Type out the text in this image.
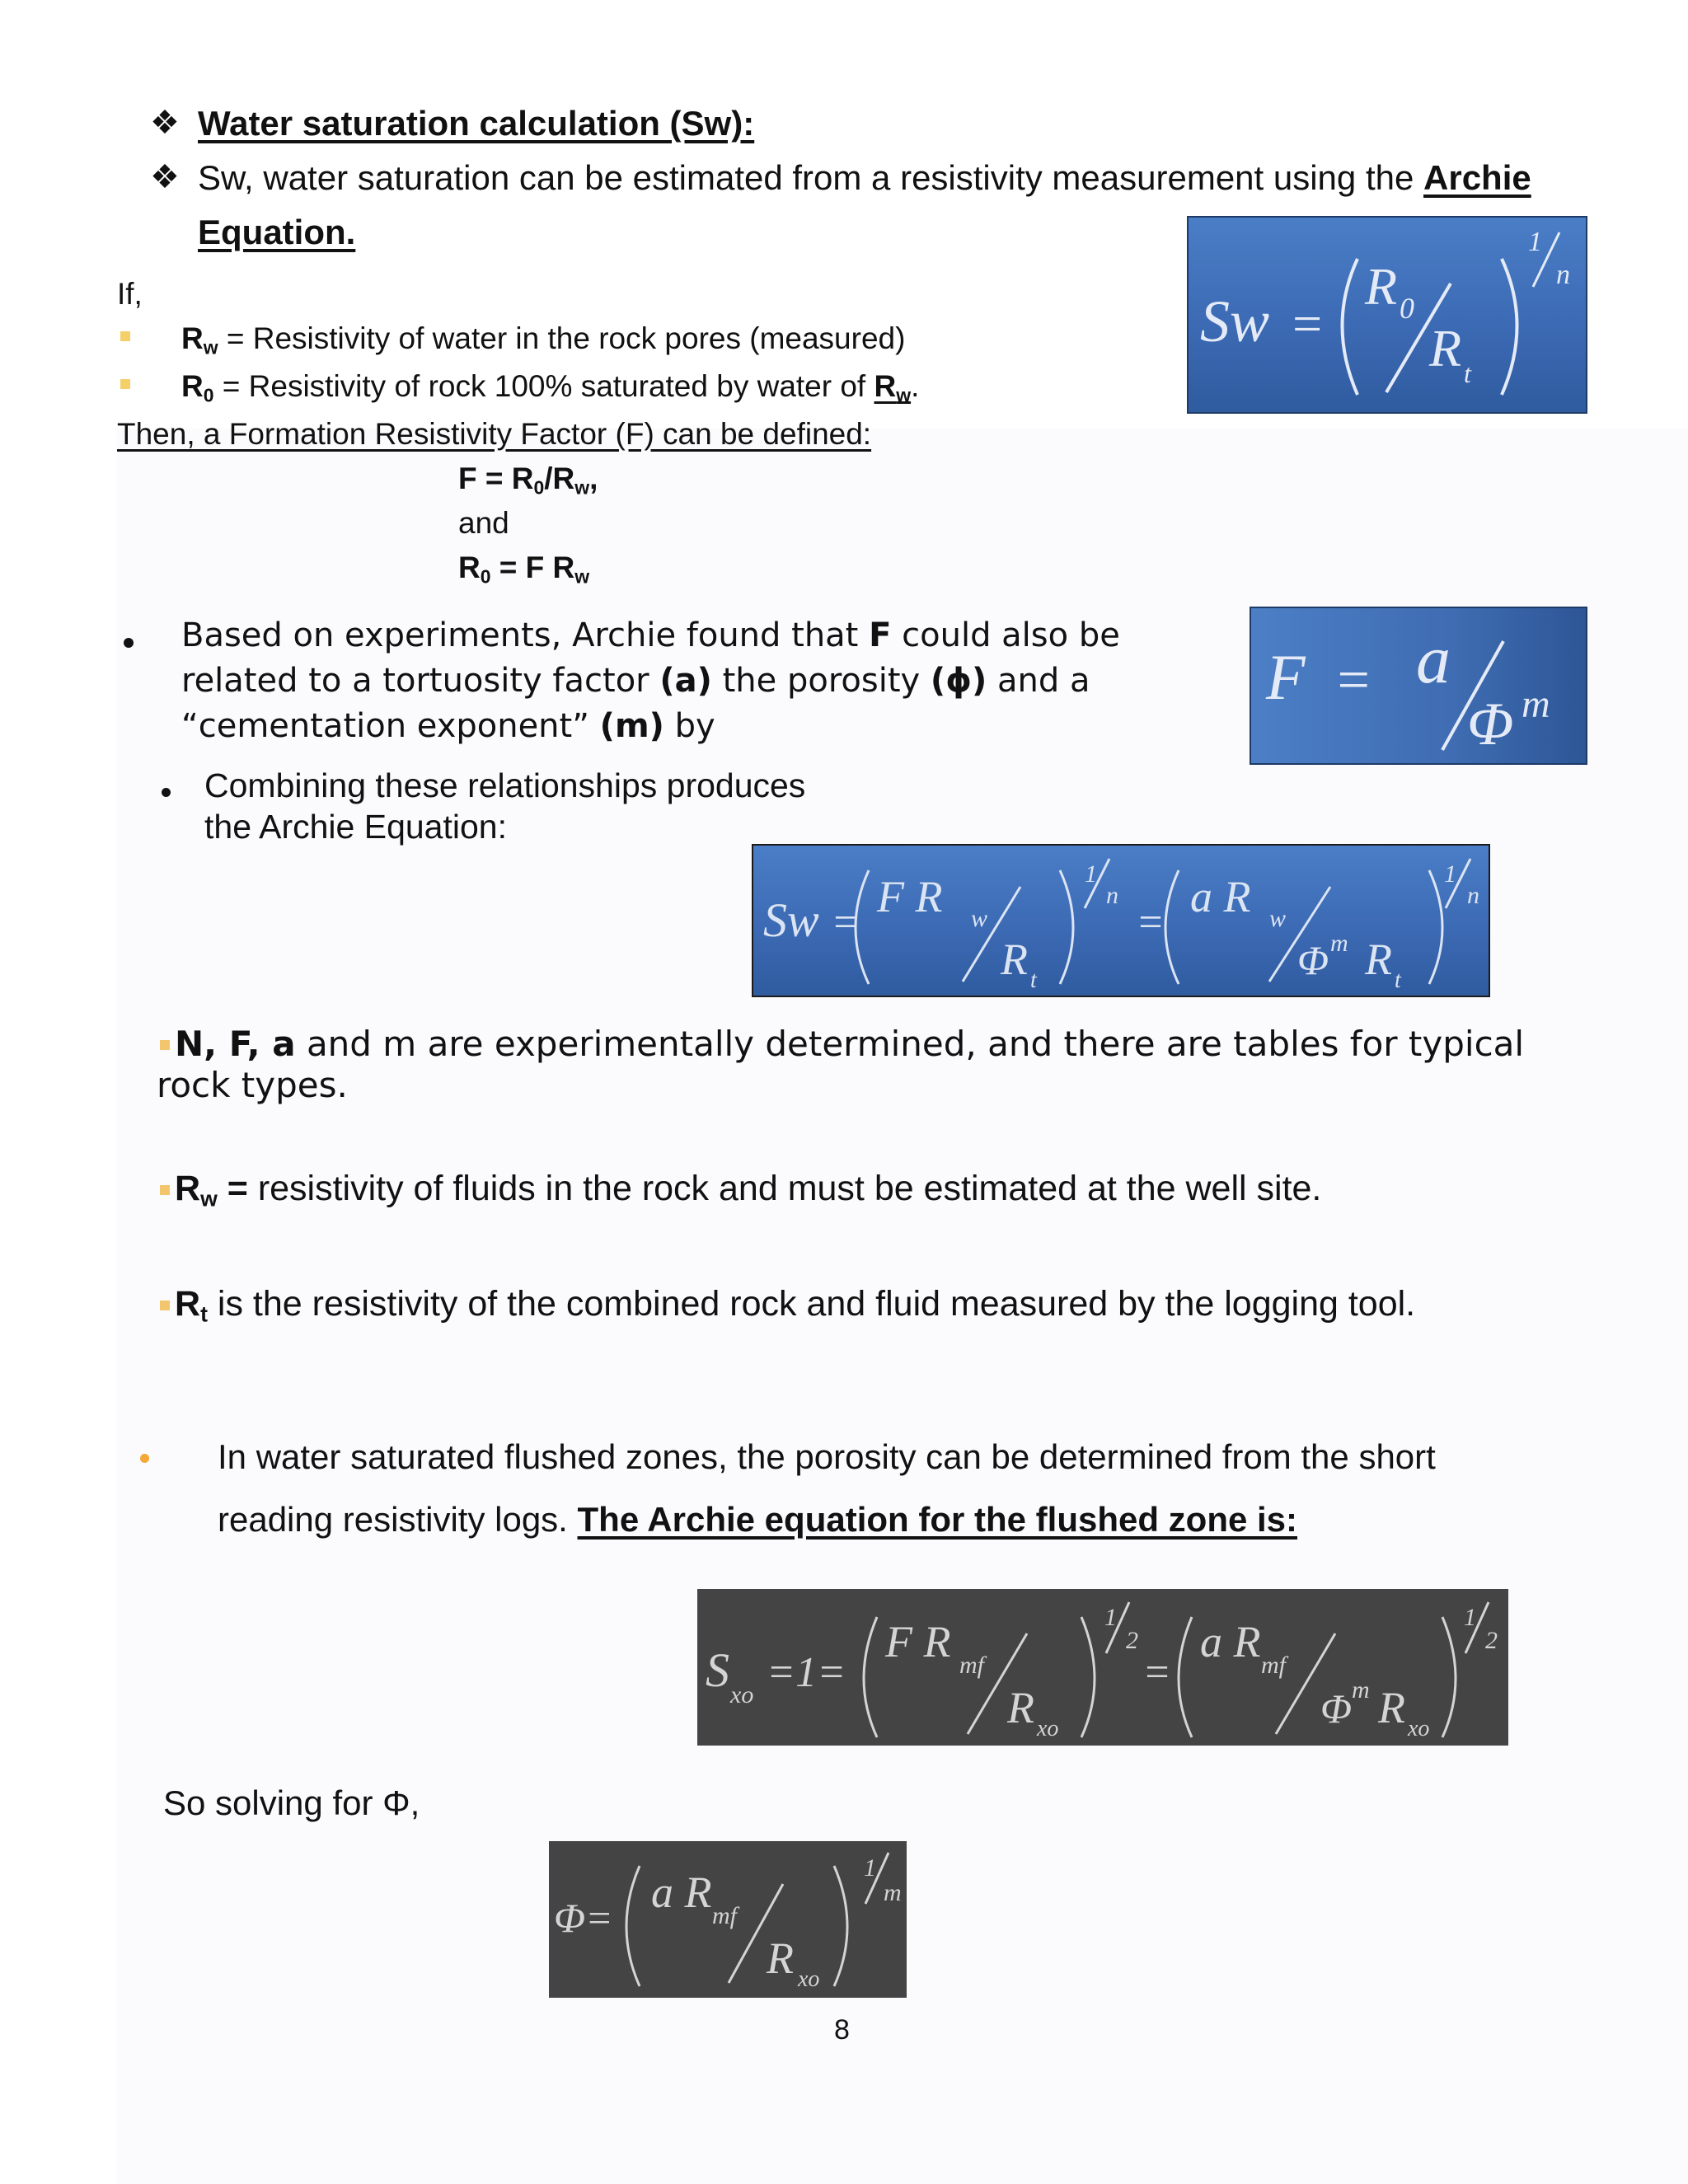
❖ Water saturation calculation (Sw):
❖ Sw, water saturation can be estimated from a resistivity measurement using the Archie
Equation.
If,
$R_w$ = Resistivity of water in the rock pores (measured)
$R_0$ = Resistivity of rock 100% saturated by water of $R_w$.
Then, a Formation Resistivity Factor (F) can be defined:
$F = R_0/R_w$,
and
$R_0 = F$ $R_w$
Sw =
R 0
R t
1
n
Based on experiments, Archie found that F could also be
related to a tortuosity factor (a) the porosity (ɸ) and a
“cementation exponent” (m) by
F = a
Φ m
Combining these relationships produces
the Archie Equation:
Sw =
F R w
R t
1
n
=
a R w
Φ m R t
1
n
N, F, a and m are experimentally determined, and there are tables for typical
rock types.
$R_w$ = resistivity of fluids in the rock and must be estimated at the well site.
$R_t$ is the resistivity of the combined rock and fluid measured by the logging tool.
In water saturated flushed zones, the porosity can be determined from the short
reading resistivity logs. The Archie equation for the flushed zone is:
S xo =1=
F R mf
R xo
1
2
=
a R mf
Φ m R xo
1
2
So solving for Φ,
Φ =
a R mf
R xo
1
m
8
